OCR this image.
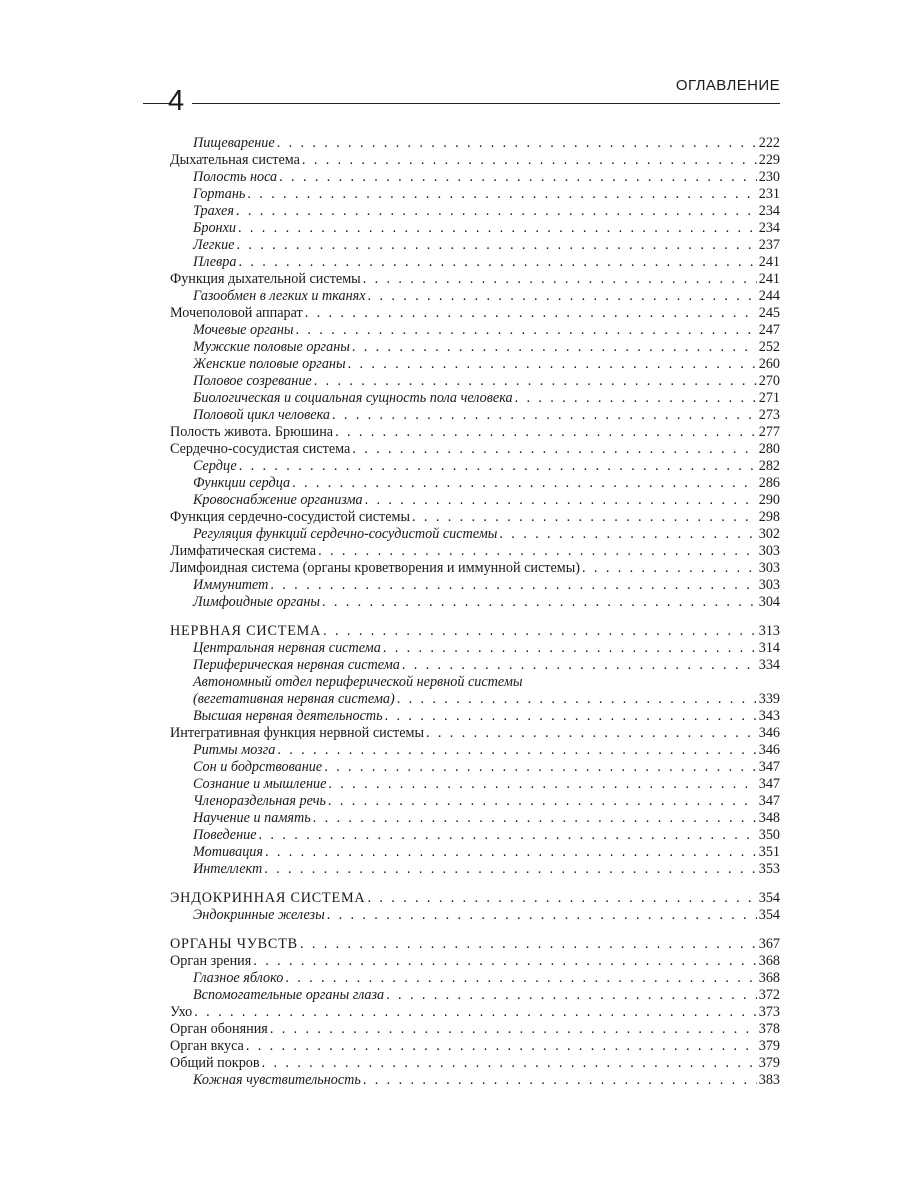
4	ОГЛАВЛЕНИЕ
Пищеварение . . .	222
Дыхательная система . . .	229
Полость носа . . .	230
Гортань . . .	231
Трахея . . .	234
Бронхи . . .	234
Легкие . . .	237
Плевра . . .	241
Функция дыхательной системы . . .	241
Газообмен в легких и тканях . . .	244
Мочеполовой аппарат . . .	245
Мочевые органы . . .	247
Мужские половые органы . . .	252
Женские половые органы . . .	260
Половое созревание . . .	270
Биологическая и социальная сущность пола человека . . .	271
Половой цикл человека . . .	273
Полость живота. Брюшина . . .	277
Сердечно-сосудистая система . . .	280
Сердце . . .	282
Функции сердца . . .	286
Кровоснабжение организма . . .	290
Функция сердечно-сосудистой системы . . .	298
Регуляция функций сердечно-сосудистой системы . . .	302
Лимфатическая система . . .	303
Лимфоидная система (органы кроветворения и иммунной системы) . . .	303
Иммунитет . . .	303
Лимфоидные органы . . .	304
НЕРВНАЯ СИСТЕМА . . .	313
Центральная нервная система . . .	314
Периферическая нервная система . . .	334
Автономный отдел периферической нервной системы
(вегетативная нервная система) . . .	339
Высшая нервная деятельность . . .	343
Интегративная функция нервной системы . . .	346
Ритмы мозга . . .	346
Сон и бодрствование . . .	347
Сознание и мышление . . .	347
Членораздельная речь . . .	347
Научение и память . . .	348
Поведение . . .	350
Мотивация . . .	351
Интеллект . . .	353
ЭНДОКРИННАЯ СИСТЕМА . . .	354
Эндокринные железы . . .	354
ОРГАНЫ ЧУВСТВ . . .	367
Орган зрения . . .	368
Глазное яблоко . . .	368
Вспомогательные органы глаза . . .	372
Ухо . . .	373
Орган обоняния . . .	378
Орган вкуса . . .	379
Общий покров . . .	379
Кожная чувствительность . . .	383
